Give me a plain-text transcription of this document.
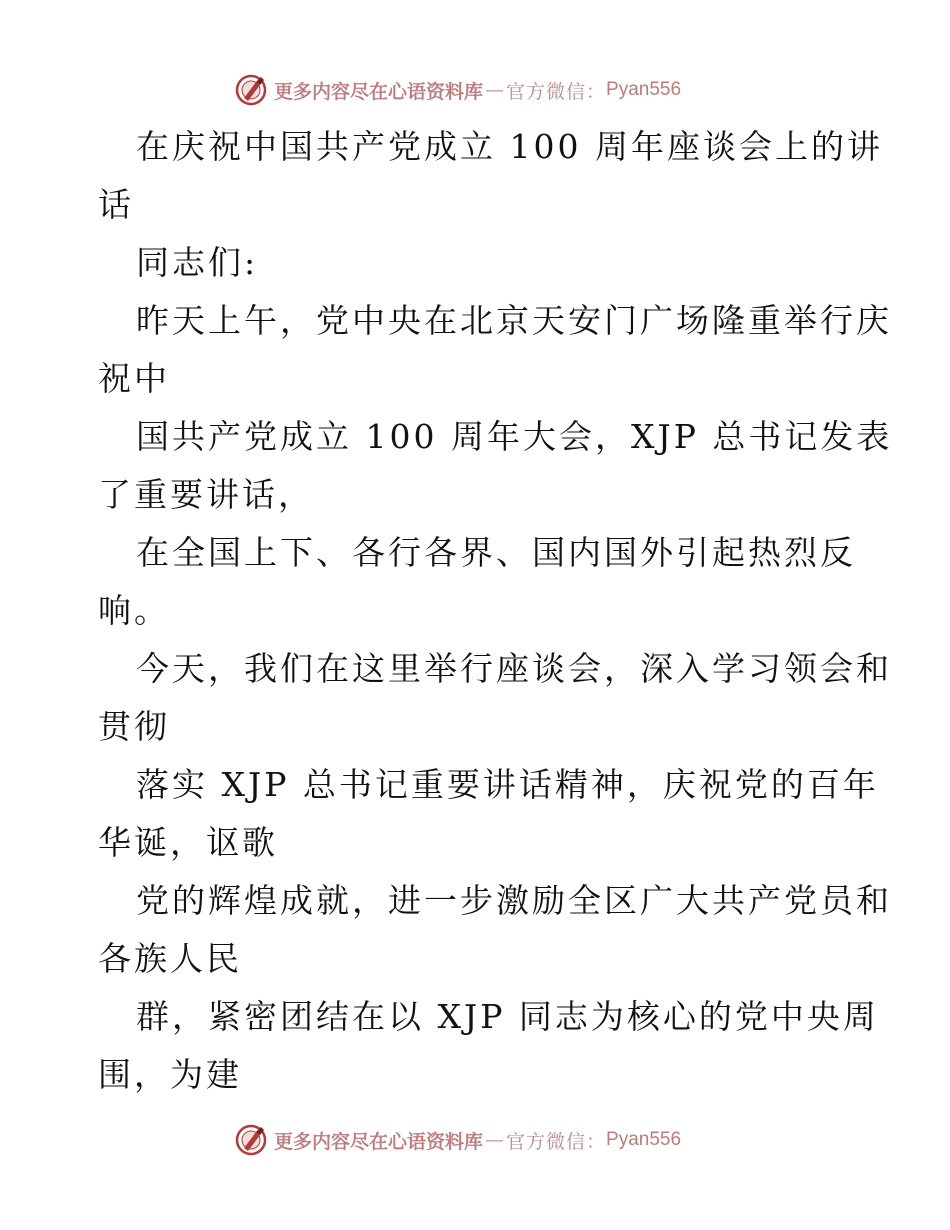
更多内容尽在心语资料库 — 官方微信： Pyan556
在庆祝中国共产党成立 100 周年座谈会上的讲
话
同志们:
昨天上午，党中央在北京天安门广场隆重举行庆
祝中
国共产党成立 100 周年大会，XJP 总书记发表
了重要讲话，
在全国上下、各行各界、国内国外引起热烈反
响。
今天，我们在这里举行座谈会，深入学习领会和
贯彻
落实 XJP 总书记重要讲话精神，庆祝党的百年
华诞，讴歌
党的辉煌成就，进一步激励全区广大共产党员和
各族人民
群，紧密团结在以 XJP 同志为核心的党中央周
围，为建
更多内容尽在心语资料库 — 官方微信： Pyan556
